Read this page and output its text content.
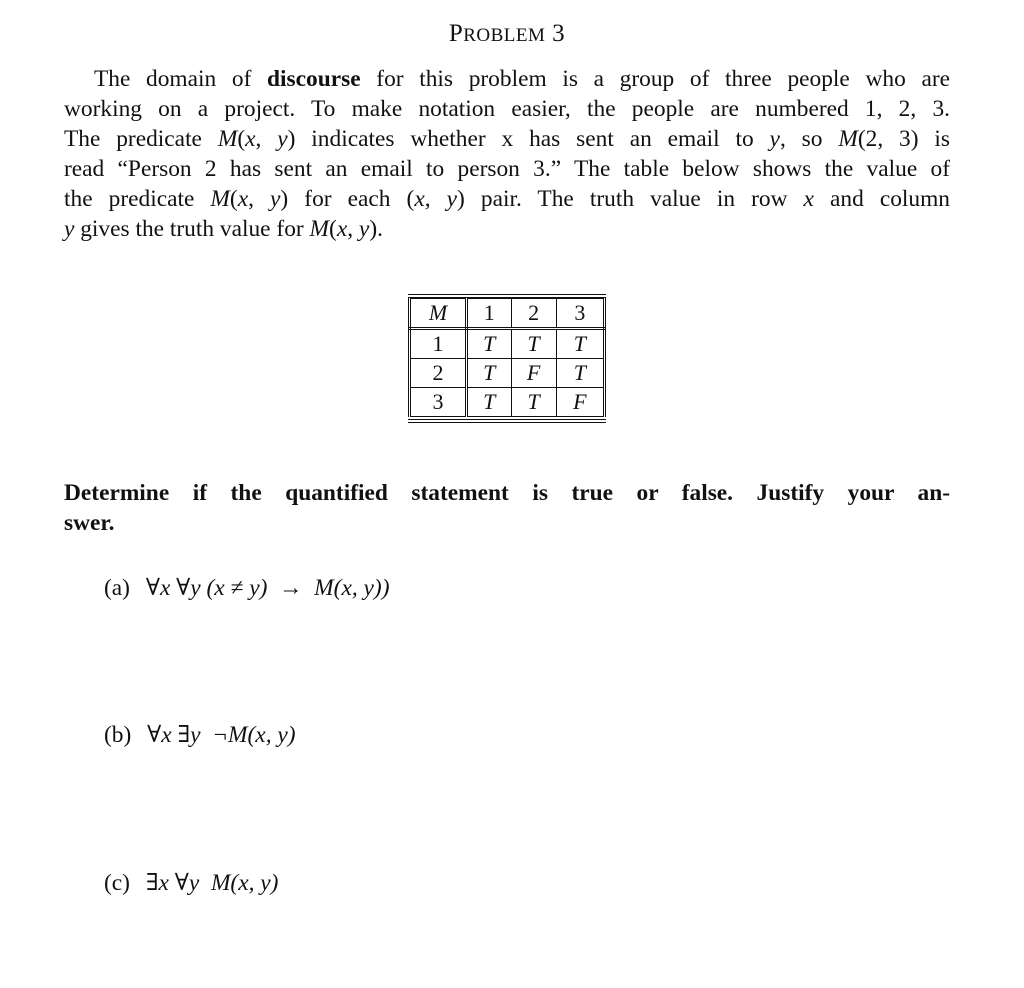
PROBLEM 3
The domain of discourse for this problem is a group of three people who are
working on a project. To make notation easier, the people are numbered 1, 2, 3.
The predicate M(x, y) indicates whether x has sent an email to y, so M(2, 3) is
read “Person 2 has sent an email to person 3.” The table below shows the value of
the predicate M(x, y) for each (x, y) pair. The truth value in row x and column
y gives the truth value for M(x, y).
M	1	2	3
1	T	T	T
2	T	F	T
3	T	T	F
Determine if the quantified statement is true or false. Justify your an-
swer.
(a) ∀x ∀y (x ≠ y)  →  M(x, y))
(b) ∀x ∃y  ¬M(x, y)
(c) ∃x ∀y  M(x, y)
